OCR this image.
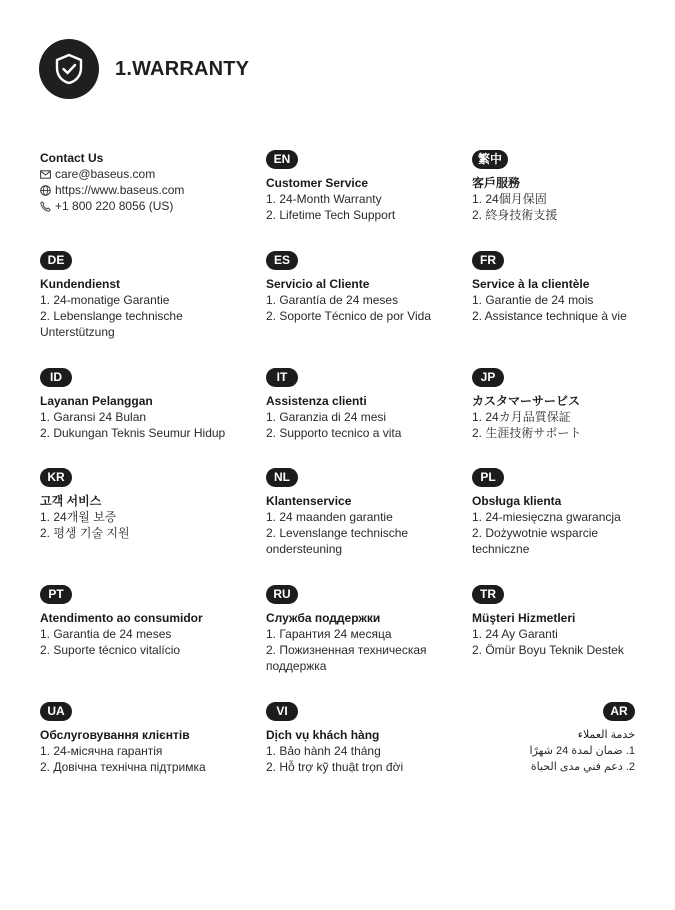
1.WARRANTY
Contact Us
care@baseus.com
https://www.baseus.com
+1 800 220 8056 (US)
EN
Customer Service
1. 24-Month Warranty
2. Lifetime Tech Support
繁中
客戶服務
1. 24個月保固
2. 終身技術支援
DE
Kundendienst
1. 24-monatige Garantie
2. Lebenslange technische Unterstützung
ES
Servicio al Cliente
1. Garantía de 24 meses
2. Soporte Técnico de por Vida
FR
Service à la clientèle
1. Garantie de 24 mois
2. Assistance technique à vie
ID
Layanan Pelanggan
1. Garansi 24 Bulan
2. Dukungan Teknis Seumur Hidup
IT
Assistenza clienti
1. Garanzia di 24 mesi
2. Supporto tecnico a vita
JP
カスタマーサービス
1. 24カ月品質保証
2. 生涯技術サポート
KR
고객 서비스
1. 24개월 보증
2. 평생 기술 지원
NL
Klantenservice
1. 24 maanden garantie
2. Levenslange technische ondersteuning
PL
Obsługa klienta
1. 24-miesięczna gwarancja
2. Dożywotnie wsparcie techniczne
PT
Atendimento ao consumidor
1. Garantia de 24 meses
2. Suporte técnico vitalício
RU
Служба поддержки
1. Гарантия 24 месяца
2. Пожизненная техническая поддержка
TR
Müşteri Hizmetleri
1. 24 Ay Garanti
2. Ömür Boyu Teknik Destek
UA
Обслуговування клієнтів
1. 24-місячна гарантія
2. Довічна технічна підтримка
VI
Dịch vụ khách hàng
1. Bảo hành 24 tháng
2. Hỗ trợ kỹ thuật trọn đời
AR
خدمة العملاء
1. ضمان لمدة 24 شهرًا
2. دعم فني مدى الحياة
